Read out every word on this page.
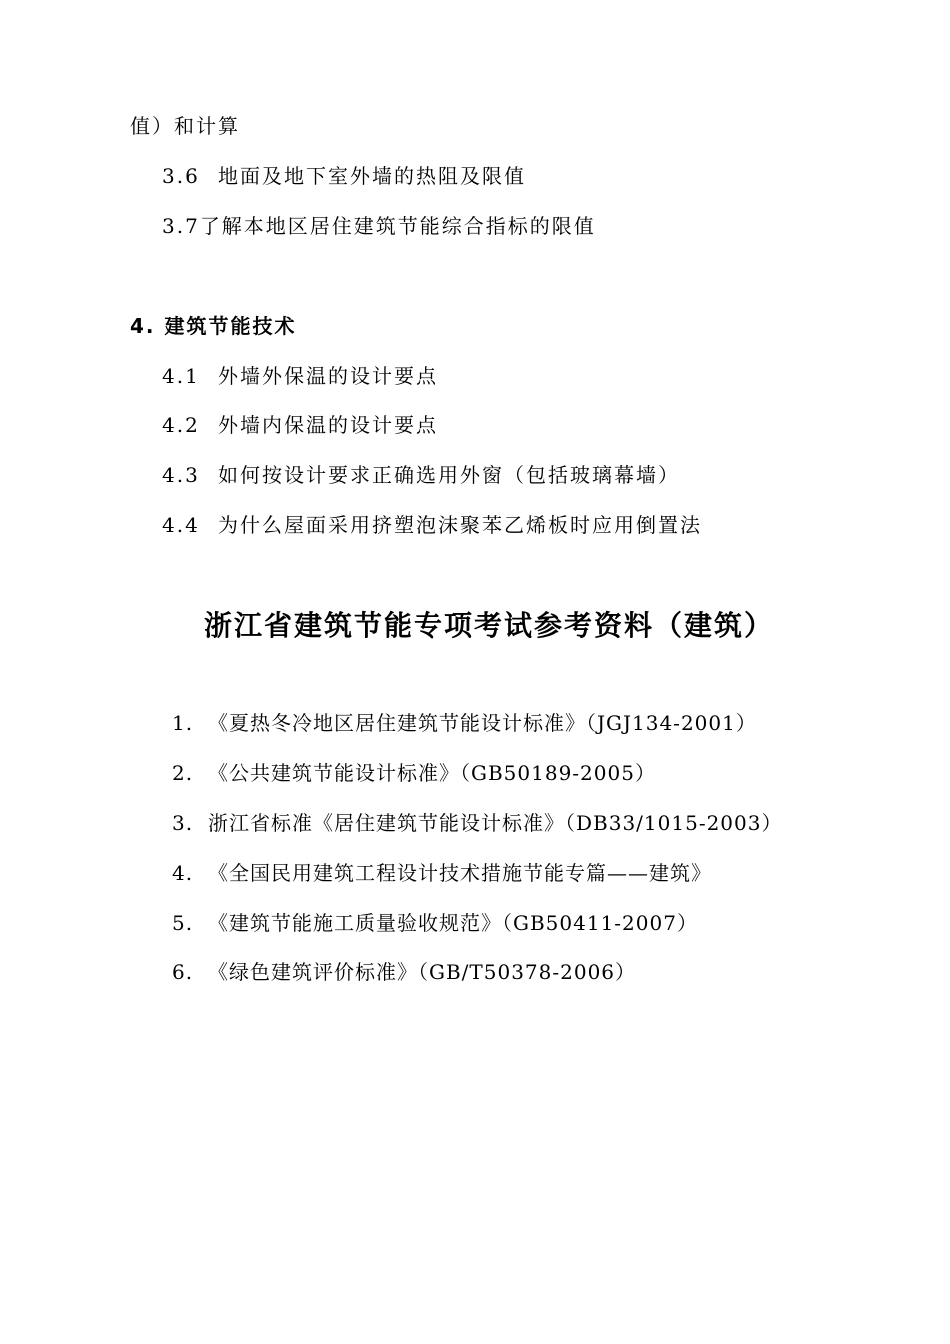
值）和计算
3.6 地面及地下室外墙的热阻及限值
3.7了解本地区居住建筑节能综合指标的限值
4. 建筑节能技术
4.1 外墙外保温的设计要点
4.2 外墙内保温的设计要点
4.3 如何按设计要求正确选用外窗（包括玻璃幕墙）
4.4 为什么屋面采用挤塑泡沫聚苯乙烯板时应用倒置法
浙江省建筑节能专项考试参考资料（建筑）
1. 《夏热冬冷地区居住建筑节能设计标准》（JGJ134-2001）
2. 《公共建筑节能设计标准》（GB50189-2005）
3. 浙江省标准《居住建筑节能设计标准》（DB33/1015-2003）
4. 《全国民用建筑工程设计技术措施节能专篇——建筑》
5. 《建筑节能施工质量验收规范》（GB50411-2007）
6. 《绿色建筑评价标准》（GB/T50378-2006）
